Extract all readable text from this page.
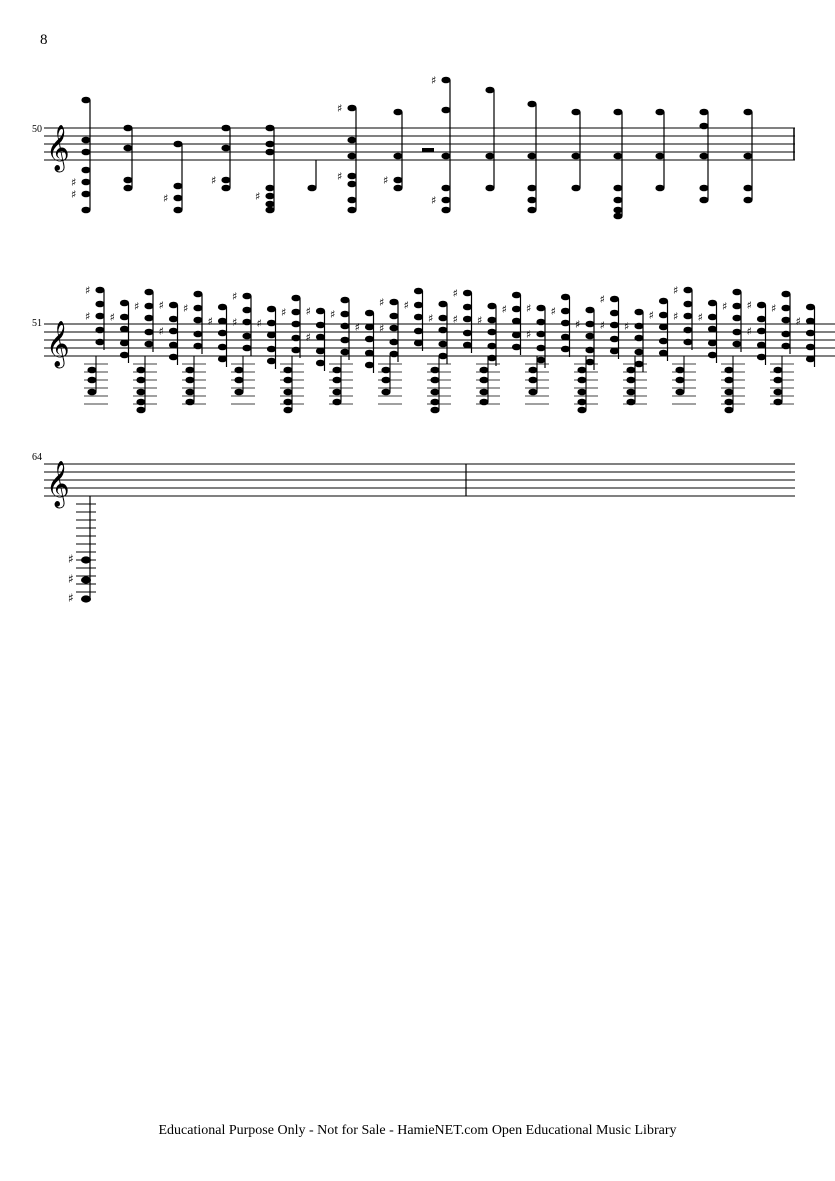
8
50 𝄞
♯
♯	♯
♯
♯
♯
♯	♯
♯
♯
51 𝄞
♯
♯ ♯
♯ ♯
♯
♯
♯
♯
♯ ♯
♯ ♯
♯
♯
♯
♯
♯
♯
♯
♯
♯ ♯
♯ ♯
♯
♯
♯
♯
♯ ♯
♯
♯
♯ ♯
♯ ♯
♯
♯
♯
64
𝄞
♯
♯
♯
Educational Purpose Only - Not for Sale - HamieNET.com Open Educational Music Library
